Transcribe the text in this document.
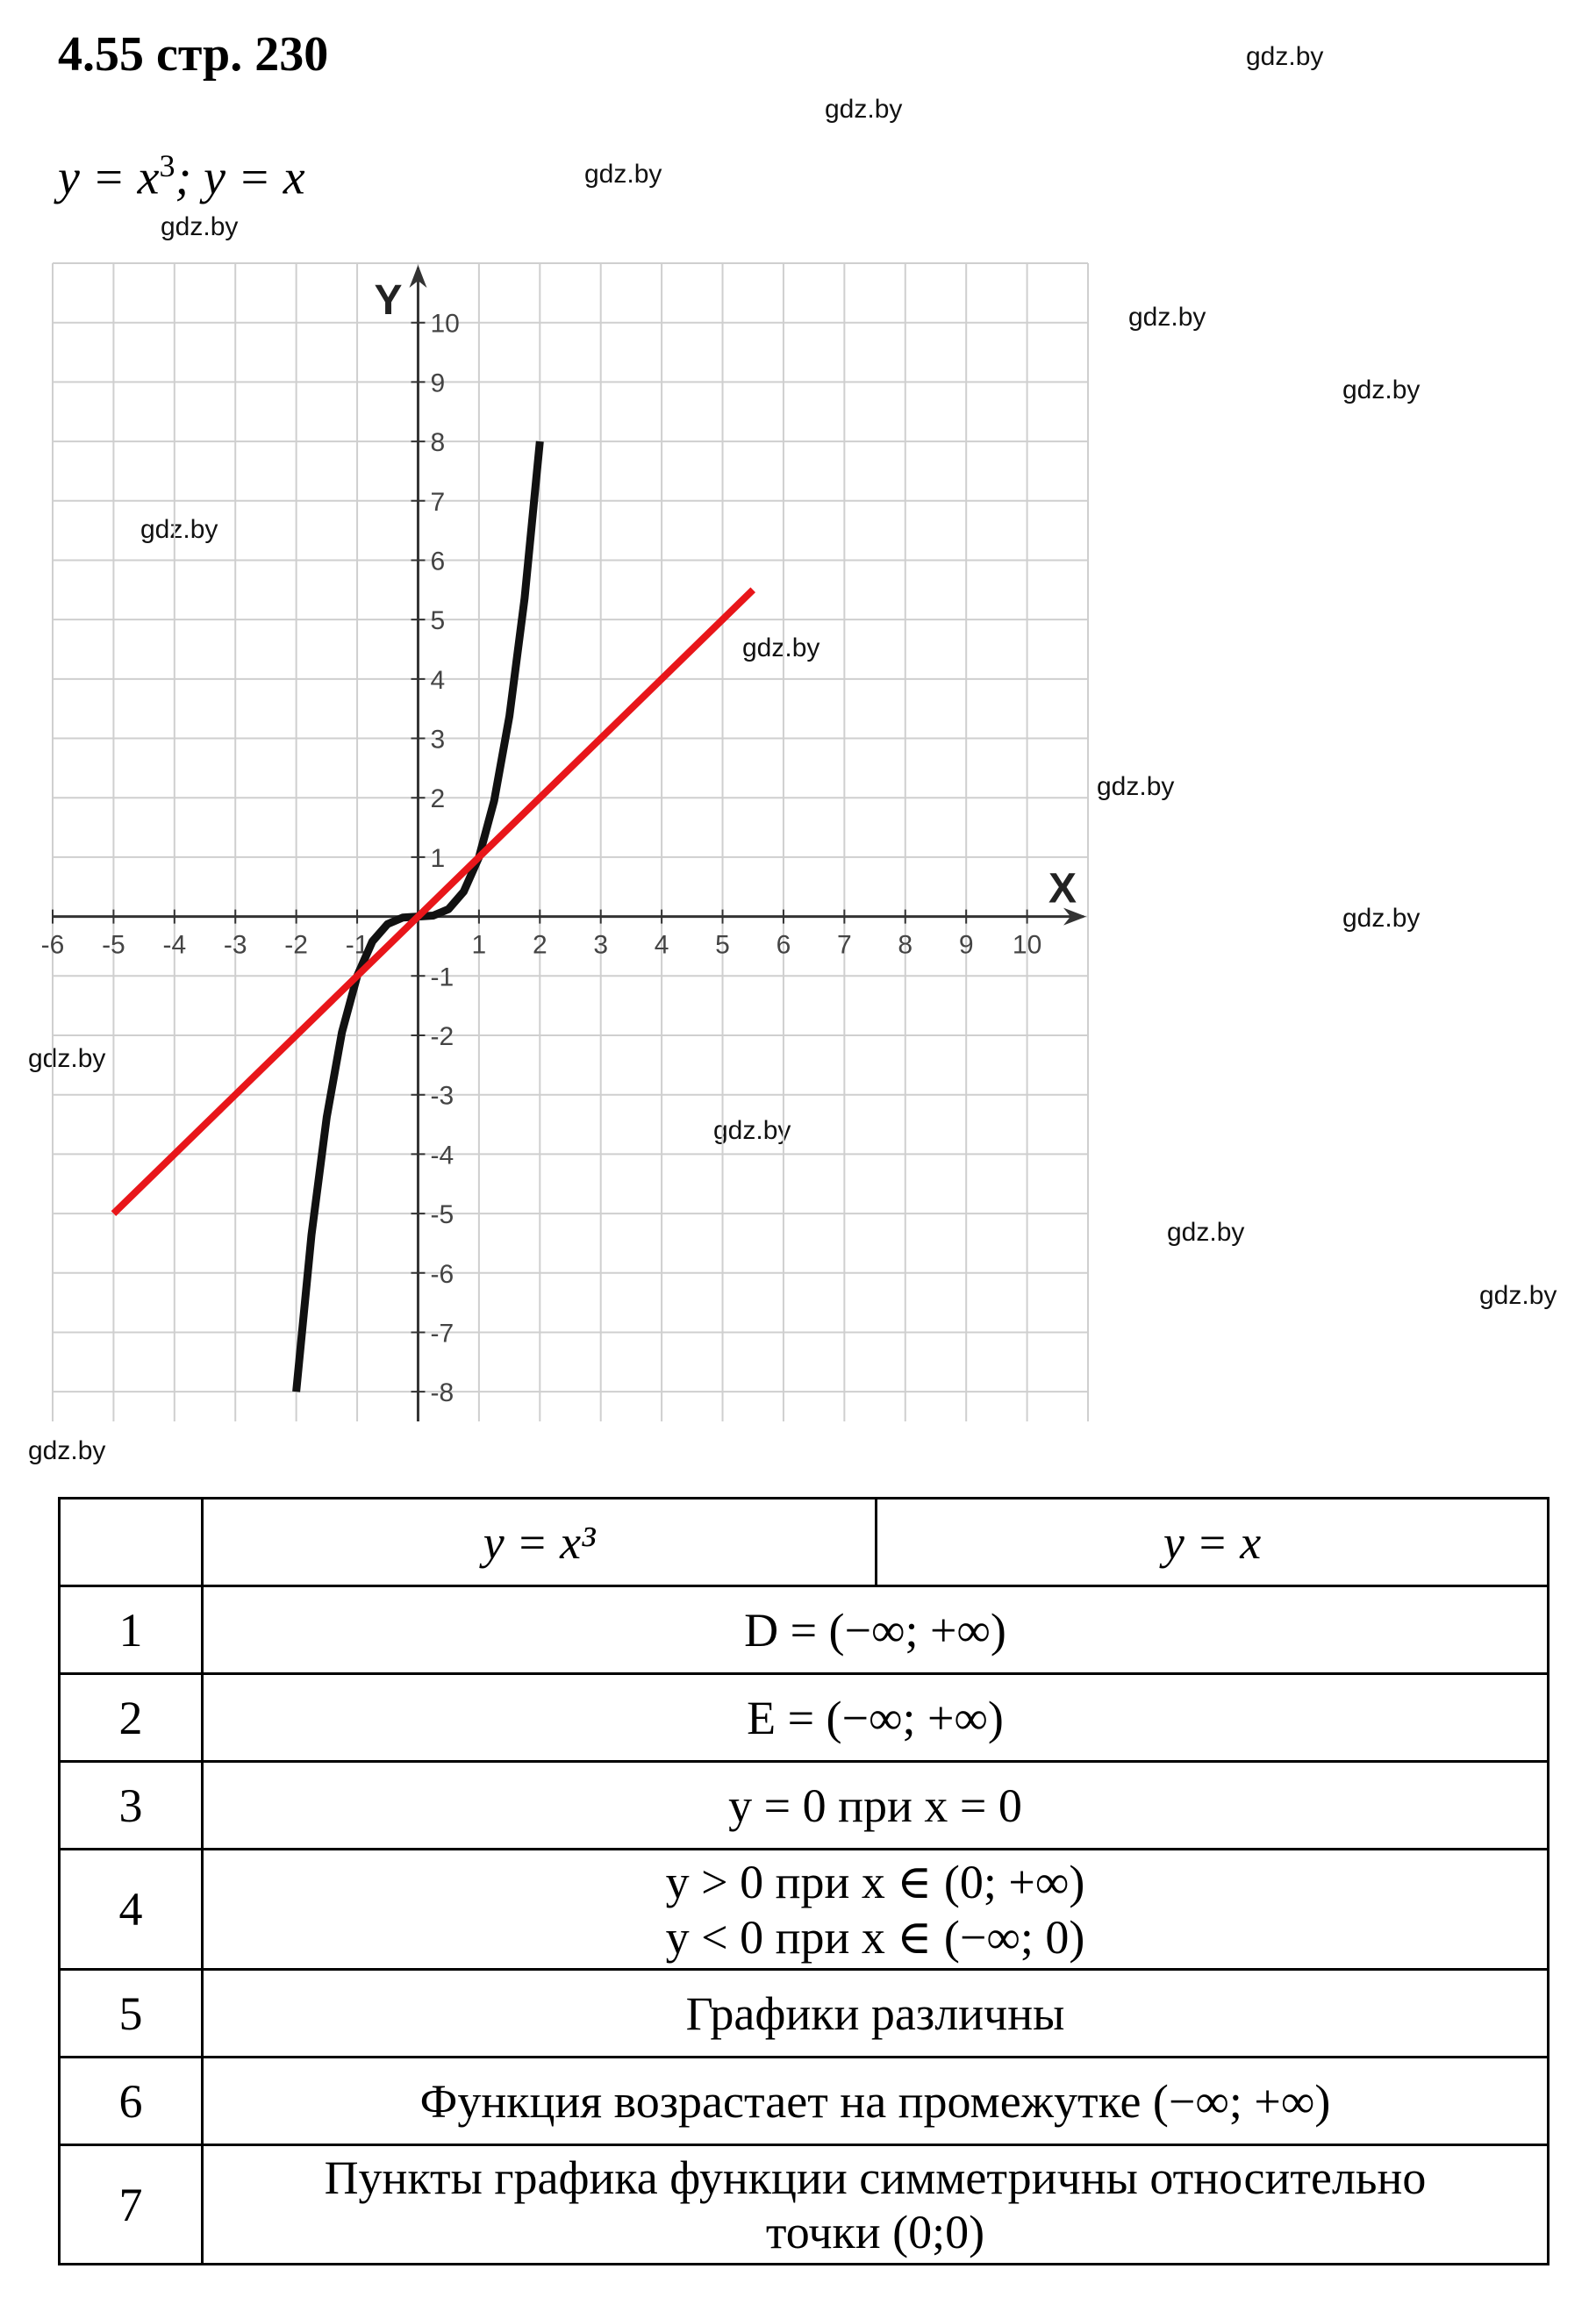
4.55 стр. 230
$y = x^3$; y = x
gdz.by
gdz.by
gdz.by
gdz.by
gdz.by
gdz.by
gdz.by
gdz.by
gdz.by
gdz.by
gdz.by
gdz.by
gdz.by
gdz.by
gdz.by
X
Y
-6 -5 -4 -3 -2 -1	1 2 3 4 5 6 7 8 9 10
-8
-7
-6
-5
-4
-3
-2
-1
1
2
3
4
5
6
7
8
9
10
	y = x³	y = x
1	D = (−∞; +∞)	
2	E = (−∞; +∞)	
3	y = 0 при x = 0	
4	y > 0 при x ∈ (0; +∞)
y < 0 при x ∈ (−∞; 0)	

5	Графики различны	
6	Функция возрастает на промежутке (−∞; +∞)	
7	Пункты графика функции симметричны относительно
точки (0;0)	
